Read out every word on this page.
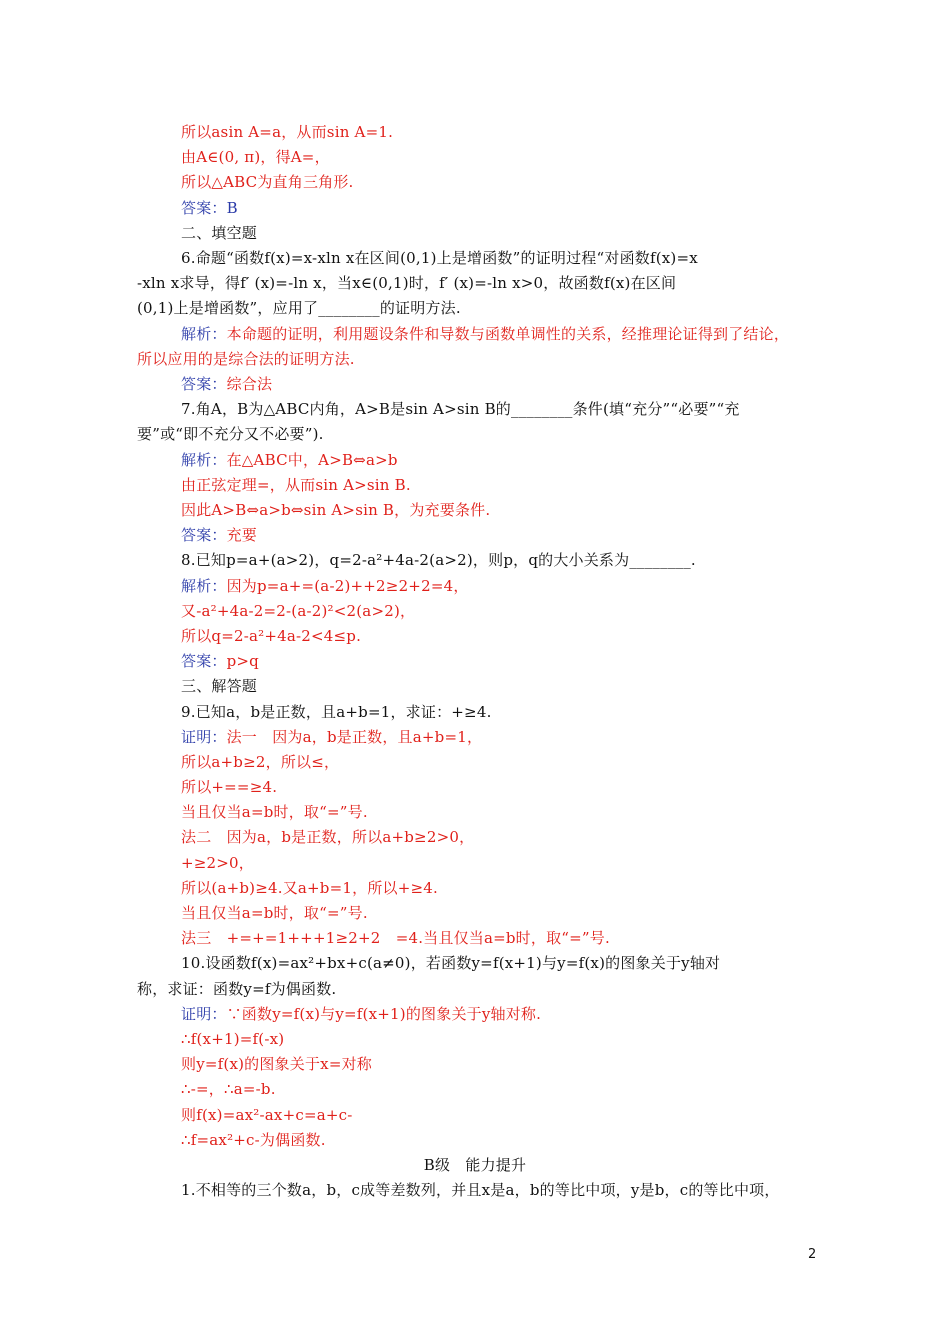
所以asin A=a，从而sin A=1.
由A∈(0, π)，得A=，
所以△ABC为直角三角形.
答案：B
二、填空题
6.命题“函数f(x)=x-xln x在区间(0,1)上是增函数”的证明过程“对函数f(x)=x
-xln x求导，得f′ (x)=-ln x，当x∈(0,1)时，f′ (x)=-ln x>0，故函数f(x)在区间
(0,1)上是增函数”，应用了________的证明方法.
解析：本命题的证明，利用题设条件和导数与函数单调性的关系，经推理论证得到了结论，
所以应用的是综合法的证明方法.
答案：综合法
7.角A，B为△ABC内角，A>B是sin A>sin B的________条件(填“充分”“必要”“充
要”或“即不充分又不必要”).
解析：在△ABC中，A>B⇔a>b
由正弦定理=，从而sin A>sin B.
因此A>B⇔a>b⇔sin A>sin B，为充要条件.
答案：充要
8.已知p=a+(a>2)，q=2-a²+4a-2(a>2)，则p，q的大小关系为________.
解析：因为p=a+=(a-2)++2≥2+2=4，
又-a²+4a-2=2-(a-2)²<2(a>2)，
所以q=2-a²+4a-2<4≤p.
答案：p>q
三、解答题
9.已知a，b是正数，且a+b=1，求证：+≥4.
证明：法一　因为a，b是正数，且a+b=1，
所以a+b≥2，所以≤，
所以+==≥4.
当且仅当a=b时，取“=”号.
法二　因为a，b是正数，所以a+b≥2>0，
+≥2>0，
所以(a+b)≥4.又a+b=1，所以+≥4.
当且仅当a=b时，取“=”号.
法三　+=+=1+++1≥2+2　=4.当且仅当a=b时，取“=”号.
10.设函数f(x)=ax²+bx+c(a≠0)，若函数y=f(x+1)与y=f(x)的图象关于y轴对
称，求证：函数y=f为偶函数.
证明：∵函数y=f(x)与y=f(x+1)的图象关于y轴对称.
∴f(x+1)=f(-x)
则y=f(x)的图象关于x=对称
∴-=，∴a=-b.
则f(x)=ax²-ax+c=a+c-
∴f=ax²+c-为偶函数.
B级　能力提升
1.不相等的三个数a，b，c成等差数列，并且x是a，b的等比中项，y是b，c的等比中项，
2
